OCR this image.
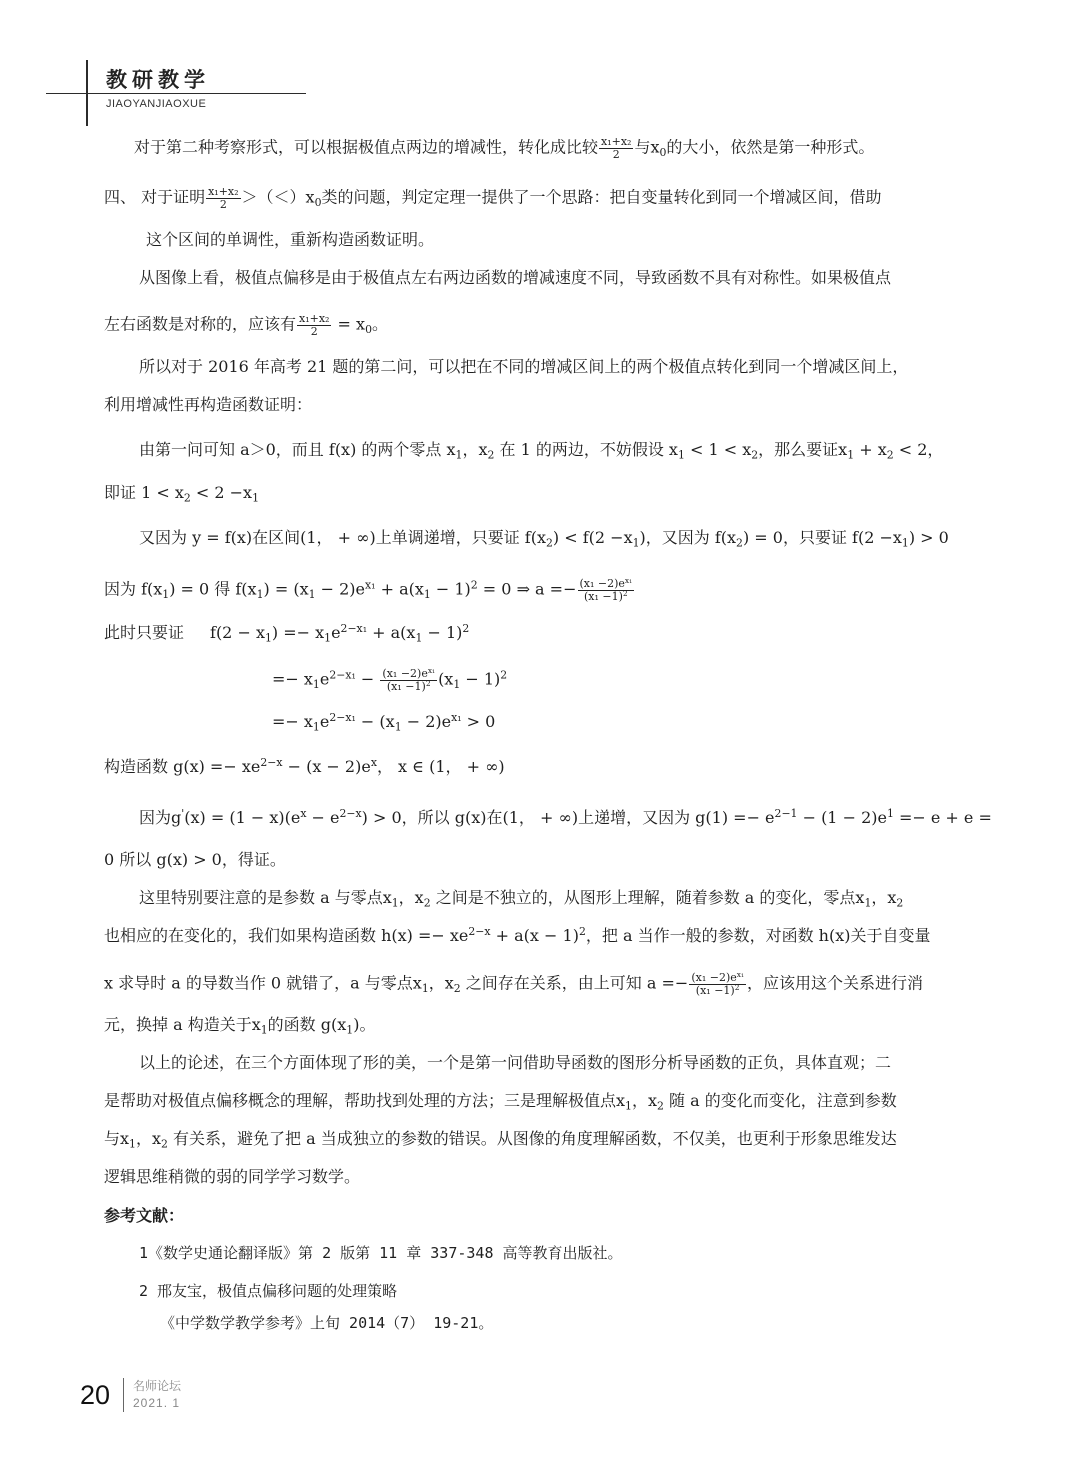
教研教学
JIAOYANJIAOXUE
对于第二种考察形式，可以根据极值点两边的增减性，转化成比较 $\frac{\text{x₁+x₂}}{2}$ 与$x_0$的大小，依然是第一种形式。
四、 对于证明 $\frac{\text{x₁+x₂}}{2} >(<)x_0$类的问题，判定定理一提供了一个思路：把自变量转化到同一个增减区间，借助
这个区间的单调性，重新构造函数证明。
从图像上看，极值点偏移是由于极值点左右两边函数的增减速度不同，导致函数不具有对称性。如果极值点
左右函数是对称的，应该有 $\frac{\text{x₁+x₂}}{2} = x_0$。
所以对于 2016 年高考 21 题的第二问，可以把在不同的增减区间上的两个极值点转化到同一个增减区间上，
利用增减性再构造函数证明：
由第一问可知 a＞0，而且 f(x) 的两个零点 $x_1$，$x_2$ 在 1 的两边，不妨假设 $x_1 < 1 < x_2$，那么要证$x_1 + x_2 < 2$，
即证 $1 < x_2 < 2 -x_1$
又因为 y = f(x)在区间(1， + ∞)上单调递增，只要证 $f(x_2) < f(2 -x_1)$，又因为 $f(x_2) = 0$，只要证 $f(2 -x_1) > 0$
因为 $f(x_1) = 0$ 得 $f(x_1) = (x_1 - 2)e^{x_1} + a(x_1 - 1)^2 = 0$ ⇒ $a =- \frac{(x_1 -2)e^{x_1}}{(x_1 -1)^2}$
此时只要证 $f(2 - x_1) =- x_1e^{2-x_1} + a(x_1 - 1)^2$
=− $x_1e^{2-x_1} - \frac{(x_1 -2)e^{x_1}}{(x_1 -1)^2} (x_1 - 1)^2$
=− $x_1e^{2-x_1} - (x_1 - 2)e^{x_1} > 0$
构造函数 $g(x) =- xe^{2-x} - (x - 2)e^x$， x ∈ (1， + ∞)
因为$g'(x) = (1 - x)(e^x - e^{2-x}) > 0$，所以 g(x)在(1， + ∞)上递增，又因为 $g(1) =- e^{2-1} - (1 - 2)e^1 =- e + e$ =
0 所以 g(x) > 0，得证。
这里特别要注意的是参数 a 与零点$x_1$，$x_2$ 之间是不独立的，从图形上理解，随着参数 a 的变化，零点$x_1$，$x_2$
也相应的在变化的，我们如果构造函数 $h(x) =- xe^{2-x} + a(x - 1)^2$，把 a 当作一般的参数，对函数 h(x)关于自变量
x 求导时 a 的导数当作 0 就错了，a 与零点$x_1$，$x_2$ 之间存在关系，由上可知 $a =- \frac{(x_1 -2)e^{x_1}}{(x_1 -1)^2}$ ，应该用这个关系进行消
元，换掉 a 构造关于$x_1$的函数 $g(x_1)$。
以上的论述，在三个方面体现了形的美，一个是第一问借助导函数的图形分析导函数的正负，具体直观；二
是帮助对极值点偏移概念的理解，帮助找到处理的方法；三是理解极值点$x_1$，$x_2$ 随 a 的变化而变化，注意到参数
与$x_1$，$x_2$ 有关系，避免了把 a 当成独立的参数的错误。从图像的角度理解函数，不仅美，也更利于形象思维发达
逻辑思维稍微的弱的同学学习数学。
参考文献：
1《数学史通论翻译版》第 2 版第 11 章 337-348 高等教育出版社。
2 邢友宝，极值点偏移问题的处理策略
《中学数学教学参考》上旬 2014（7） 19-21。
20 名师论坛
2021. 1
